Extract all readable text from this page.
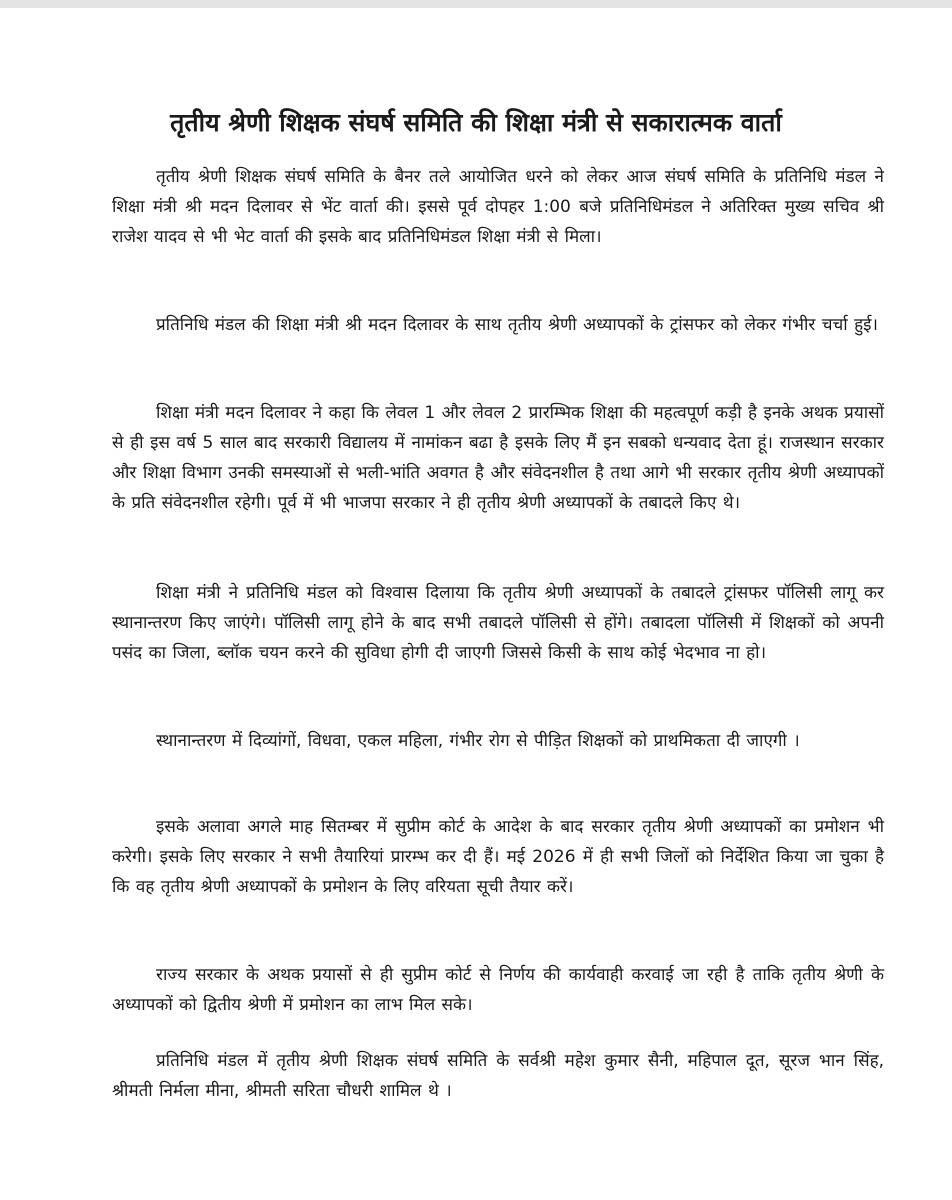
तृतीय श्रेणी शिक्षक संघर्ष समिति की शिक्षा मंत्री से सकारात्मक वार्ता

तृतीय श्रेणी शिक्षक संघर्ष समिति के बैनर तले आयोजित धरने को लेकर आज संघर्ष समिति के प्रतिनिधि मंडल ने शिक्षा मंत्री श्री मदन दिलावर से भेंट वार्ता की। इससे पूर्व दोपहर 1:00 बजे प्रतिनिधिमंडल ने अतिरिक्त मुख्य सचिव श्री राजेश यादव से भी भेट वार्ता की इसके बाद प्रतिनिधिमंडल शिक्षा मंत्री से मिला।

प्रतिनिधि मंडल की शिक्षा मंत्री श्री मदन दिलावर के साथ तृतीय श्रेणी अध्यापकों के ट्रांसफर को लेकर गंभीर चर्चा हुई।

शिक्षा मंत्री मदन दिलावर ने कहा कि लेवल 1 और लेवल 2 प्रारम्भिक शिक्षा की महत्वपूर्ण कड़ी है इनके अथक प्रयासों से ही इस वर्ष 5 साल बाद सरकारी विद्यालय में नामांकन बढा है इसके लिए मैं इन सबको धन्यवाद देता हूं। राजस्थान सरकार और शिक्षा विभाग उनकी समस्याओं से भली-भांति अवगत है और संवेदनशील है तथा आगे भी सरकार तृतीय श्रेणी अध्यापकों के प्रति संवेदनशील रहेगी। पूर्व में भी भाजपा सरकार ने ही तृतीय श्रेणी अध्यापकों के तबादले किए थे।

शिक्षा मंत्री ने प्रतिनिधि मंडल को विश्वास दिलाया कि तृतीय श्रेणी अध्यापकों के तबादले ट्रांसफर पॉलिसी लागू कर स्थानान्तरण किए जाएंगे। पॉलिसी लागू होने के बाद सभी तबादले पॉलिसी से होंगे। तबादला पॉलिसी में शिक्षकों को अपनी पसंद का जिला, ब्लॉक चयन करने की सुविधा होगी दी जाएगी जिससे किसी के साथ कोई भेदभाव ना हो।

स्थानान्तरण में दिव्यांगों, विधवा, एकल महिला, गंभीर रोग से पीड़ित शिक्षकों को प्राथमिकता दी जाएगी ।

इसके अलावा अगले माह सितम्बर में सुप्रीम कोर्ट के आदेश के बाद सरकार तृतीय श्रेणी अध्यापकों का प्रमोशन भी करेगी। इसके लिए सरकार ने सभी तैयारियां प्रारम्भ कर दी हैं। मई 2026 में ही सभी जिलों को निर्देशित किया जा चुका है कि वह तृतीय श्रेणी अध्यापकों के प्रमोशन के लिए वरियता सूची तैयार करें।

राज्य सरकार के अथक प्रयासों से ही सुप्रीम कोर्ट से निर्णय की कार्यवाही करवाई जा रही है ताकि तृतीय श्रेणी के अध्यापकों को द्वितीय श्रेणी में प्रमोशन का लाभ मिल सके।

प्रतिनिधि मंडल में तृतीय श्रेणी शिक्षक संघर्ष समिति के सर्वश्री महेश कुमार सैनी, महिपाल दूत, सूरज भान सिंह, श्रीमती निर्मला मीना, श्रीमती सरिता चौधरी शामिल थे ।
